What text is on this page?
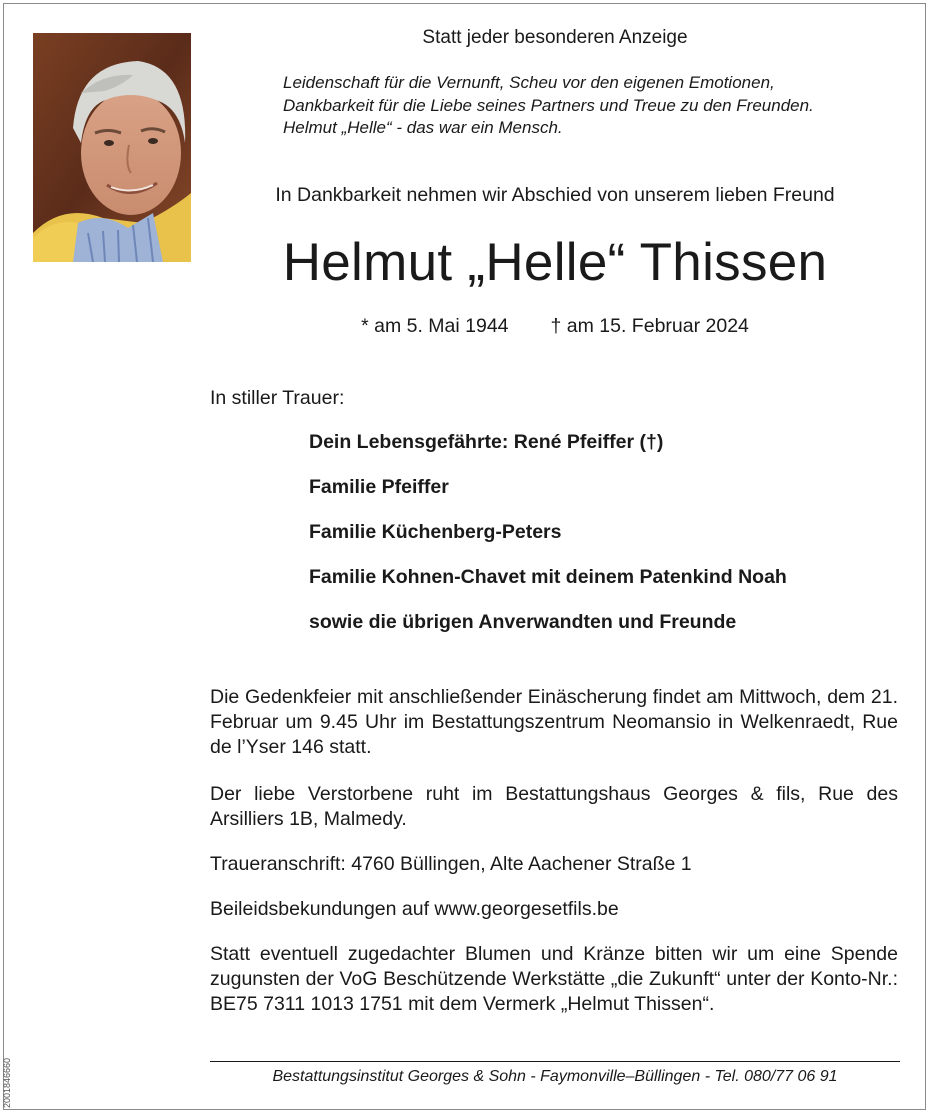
Statt jeder besonderen Anzeige
Leidenschaft für die Vernunft, Scheu vor den eigenen Emotionen,
Dankbarkeit für die Liebe seines Partners und Treue zu den Freunden.
Helmut „Helle“ - das war ein Mensch.
In Dankbarkeit nehmen wir Abschied von unserem lieben Freund
Helmut „Helle“ Thissen
* am 5. Mai 1944 † am 15. Februar 2024
In stiller Trauer:
Dein Lebensgefährte: René Pfeiffer (†)
Familie Pfeiffer
Familie Küchenberg-Peters
Familie Kohnen-Chavet mit deinem Patenkind Noah
sowie die übrigen Anverwandten und Freunde
Die Gedenkfeier mit anschließender Einäscherung findet am Mittwoch, dem 21. Februar um 9.45 Uhr im Bestattungszentrum Neomansio in Welkenraedt, Rue de l’Yser 146 statt.
Der liebe Verstorbene ruht im Bestattungshaus Georges & fils, Rue des Arsilliers 1B, Malmedy.
Traueranschrift: 4760 Büllingen, Alte Aachener Straße 1
Beileidsbekundungen auf www.georgesetfils.be
Statt eventuell zugedachter Blumen und Kränze bitten wir um eine Spende zugunsten der VoG Beschützende Werkstätte „die Zukunft“ unter der Konto-Nr.: BE75 7311 1013 1751 mit dem Vermerk „Helmut Thissen“.
Bestattungsinstitut Georges & Sohn - Faymonville–Büllingen - Tel. 080/77 06 91
2001846660
